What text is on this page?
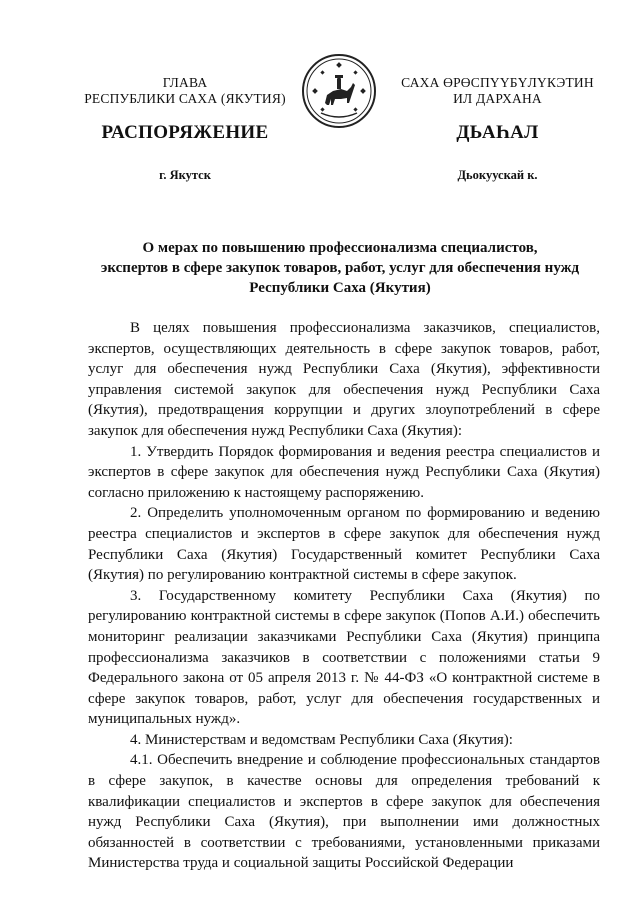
ГЛАВА
РЕСПУБЛИКИ САХА (ЯКУТИЯ)
САХА ӨРӨСПҮҮБҮЛҮКЭТИН
ИЛ ДАРХАНА
РАСПОРЯЖЕНИЕ	ДЬАҺАЛ
г. Якутск	Дьокуускай к.
О мерах по повышению профессионализма специалистов,
экспертов в сфере закупок товаров, работ, услуг для обеспечения нужд
Республики Саха (Якутия)

В целях повышения профессионализма заказчиков, специалистов, экспертов, осуществляющих деятельность в сфере закупок товаров, работ, услуг для обеспечения нужд Республики Саха (Якутия), эффективности управления системой закупок для обеспечения нужд Республики Саха (Якутия), предотвращения коррупции и других злоупотреблений в сфере закупок для обеспечения нужд Республики Саха (Якутия):

1. Утвердить Порядок формирования и ведения реестра специалистов и экспертов в сфере закупок для обеспечения нужд Республики Саха (Якутия) согласно приложению к настоящему распоряжению.

2. Определить уполномоченным органом по формированию и ведению реестра специалистов и экспертов в сфере закупок для обеспечения нужд Республики Саха (Якутия) Государственный комитет Республики Саха (Якутия) по регулированию контрактной системы в сфере закупок.

3. Государственному комитету Республики Саха (Якутия) по регулированию контрактной системы в сфере закупок (Попов А.И.) обеспечить мониторинг реализации заказчиками Республики Саха (Якутия) принципа профессионализма заказчиков в соответствии с положениями статьи 9 Федерального закона от 05 апреля 2013 г. № 44-ФЗ «О контрактной системе в сфере закупок товаров, работ, услуг для обеспечения государственных и муниципальных нужд».

4. Министерствам и ведомствам Республики Саха (Якутия):

4.1. Обеспечить внедрение и соблюдение профессиональных стандартов в сфере закупок, в качестве основы для определения требований к квалификации специалистов и экспертов в сфере закупок для обеспечения нужд Республики Саха (Якутия), при выполнении ими должностных обязанностей в соответствии с требованиями, установленными приказами Министерства труда и социальной защиты Российской Федерации
